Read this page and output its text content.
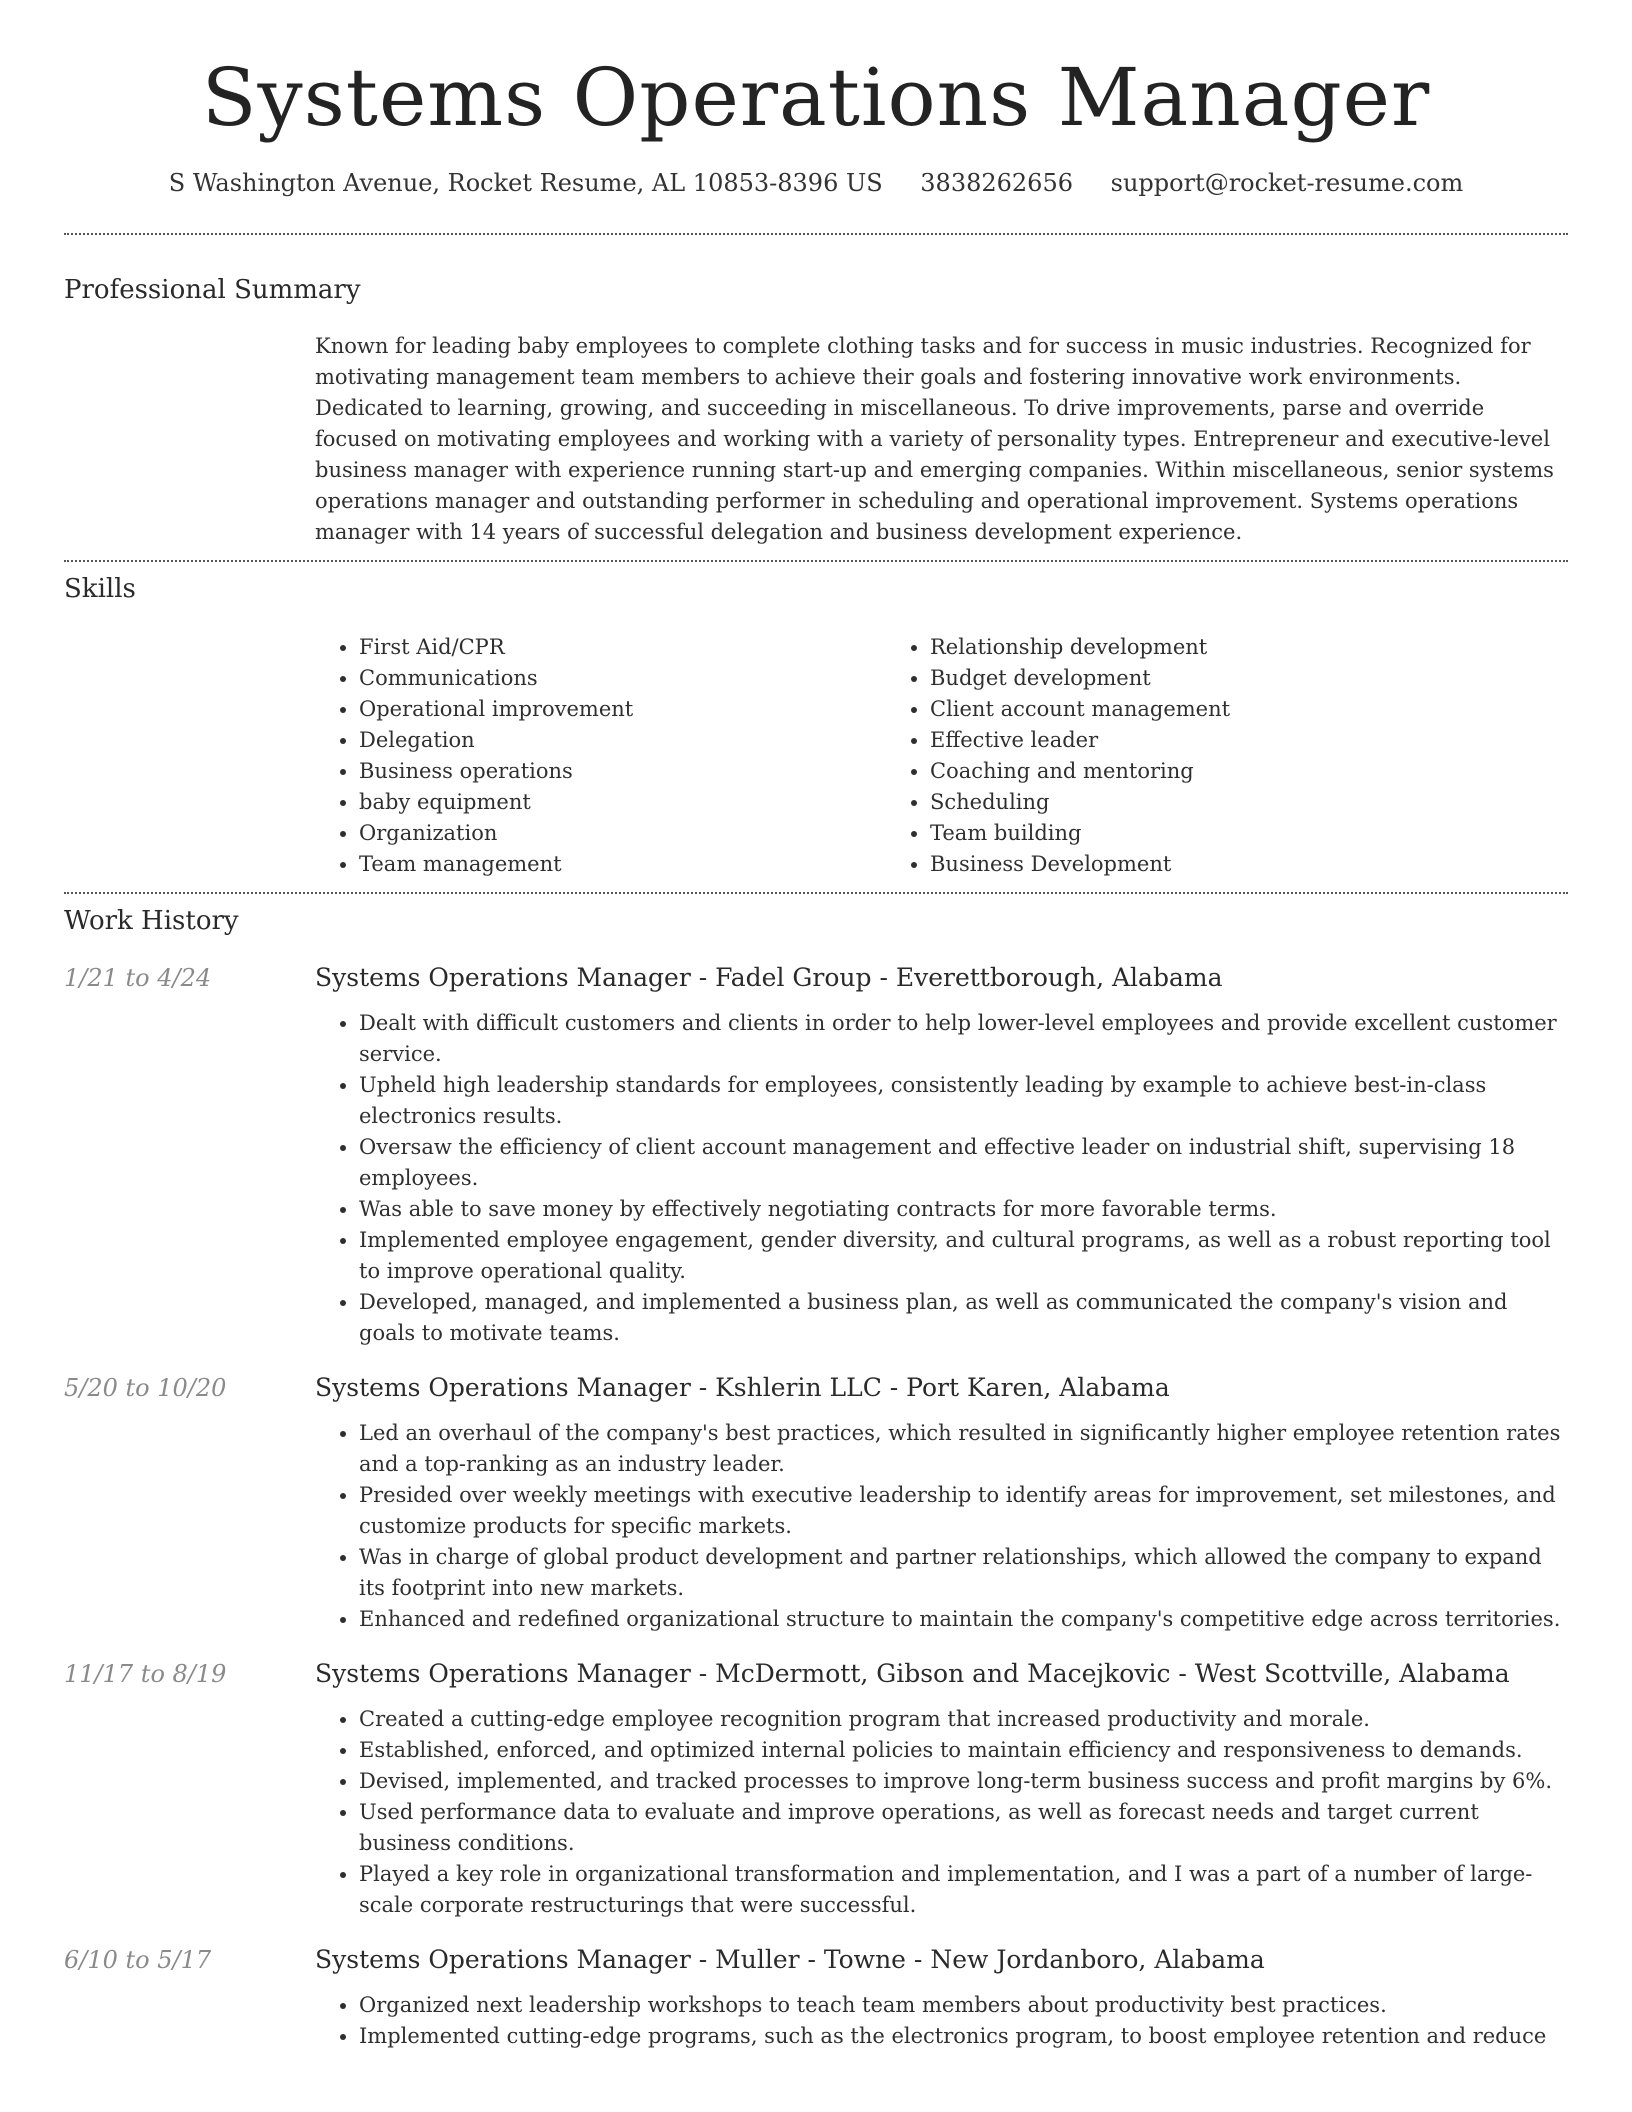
Systems Operations Manager
S Washington Avenue, Rocket Resume, AL 10853-8396 US 3838262656 support@rocket-resume.com
Professional Summary
Known for leading baby employees to complete clothing tasks and for success in music industries. Recognized for motivating management team members to achieve their goals and fostering innovative work environments. Dedicated to learning, growing, and succeeding in miscellaneous. To drive improvements, parse and override focused on motivating employees and working with a variety of personality types. Entrepreneur and executive-level business manager with experience running start-up and emerging companies. Within miscellaneous, senior systems operations manager and outstanding performer in scheduling and operational improvement. Systems operations manager with 14 years of successful delegation and business development experience.
Skills
• First Aid/CPR
• Communications
• Operational improvement
• Delegation
• Business operations
• baby equipment
• Organization
• Team management
• Relationship development
• Budget development
• Client account management
• Effective leader
• Coaching and mentoring
• Scheduling
• Team building
• Business Development
Work History
1/21 to 4/24	Systems Operations Manager - Fadel Group - Everettborough, Alabama
• Dealt with difficult customers and clients in order to help lower-level employees and provide excellent customer service.
• Upheld high leadership standards for employees, consistently leading by example to achieve best-in-class electronics results.
• Oversaw the efficiency of client account management and effective leader on industrial shift, supervising 18 employees.
• Was able to save money by effectively negotiating contracts for more favorable terms.
• Implemented employee engagement, gender diversity, and cultural programs, as well as a robust reporting tool to improve operational quality.
• Developed, managed, and implemented a business plan, as well as communicated the company's vision and goals to motivate teams.
5/20 to 10/20	Systems Operations Manager - Kshlerin LLC - Port Karen, Alabama
• Led an overhaul of the company's best practices, which resulted in significantly higher employee retention rates and a top-ranking as an industry leader.
• Presided over weekly meetings with executive leadership to identify areas for improvement, set milestones, and customize products for specific markets.
• Was in charge of global product development and partner relationships, which allowed the company to expand its footprint into new markets.
• Enhanced and redefined organizational structure to maintain the company's competitive edge across territories.
11/17 to 8/19	Systems Operations Manager - McDermott, Gibson and Macejkovic - West Scottville, Alabama
• Created a cutting-edge employee recognition program that increased productivity and morale.
• Established, enforced, and optimized internal policies to maintain efficiency and responsiveness to demands.
• Devised, implemented, and tracked processes to improve long-term business success and profit margins by 6%.
• Used performance data to evaluate and improve operations, as well as forecast needs and target current business conditions.
• Played a key role in organizational transformation and implementation, and I was a part of a number of large-scale corporate restructurings that were successful.
6/10 to 5/17	Systems Operations Manager - Muller - Towne - New Jordanboro, Alabama
• Organized next leadership workshops to teach team members about productivity best practices.
• Implemented cutting-edge programs, such as the electronics program, to boost employee retention and reduce
